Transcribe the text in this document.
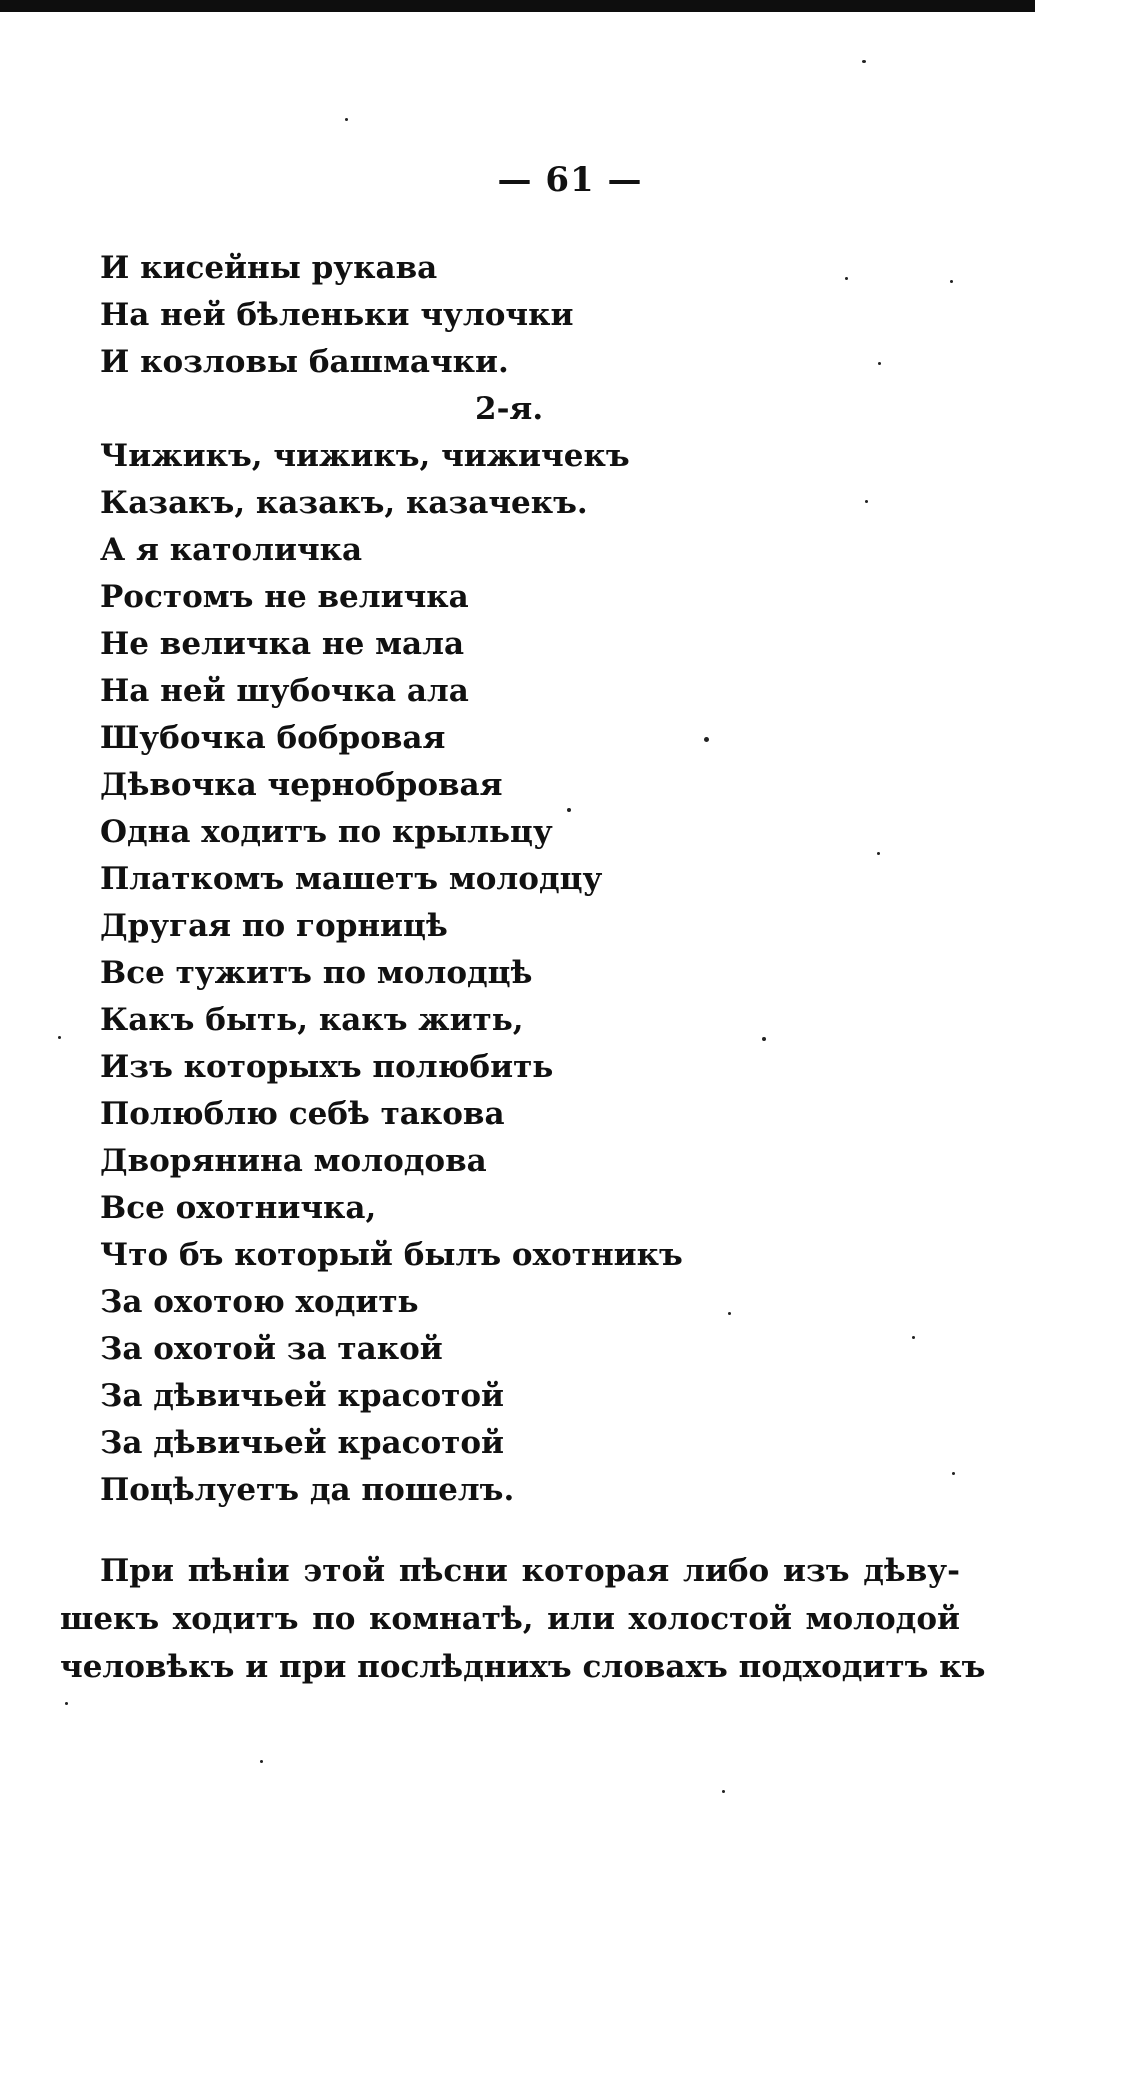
— 61 —
И кисейны рукава
На ней бѣленьки чулочки
И козловы башмачки.
2-я.
Чижикъ, чижикъ, чижичекъ
Казакъ, казакъ, казачекъ.
А я католичка
Ростомъ не величка
Не величка не мала
На ней шубочка ала
Шубочка бобровая
Дѣвочка чернобровая
Одна ходитъ по крыльцу
Платкомъ машетъ молодцу
Другая по горницѣ
Все тужитъ по молодцѣ
Какъ быть, какъ жить,
Изъ которыхъ полюбить
Полюблю себѣ такова
Дворянина молодова
Все охотничка,
Что бъ который былъ охотникъ
За охотою ходить
За охотой за такой
За дѣвичьей красотой
За дѣвичьей красотой
Поцѣлуетъ да пошелъ.
При пѣніи этой пѣсни которая либо изъ дѣву-
шекъ ходитъ по комнатѣ, или холостой молодой
человѣкъ и при послѣднихъ словахъ подходитъ къ
